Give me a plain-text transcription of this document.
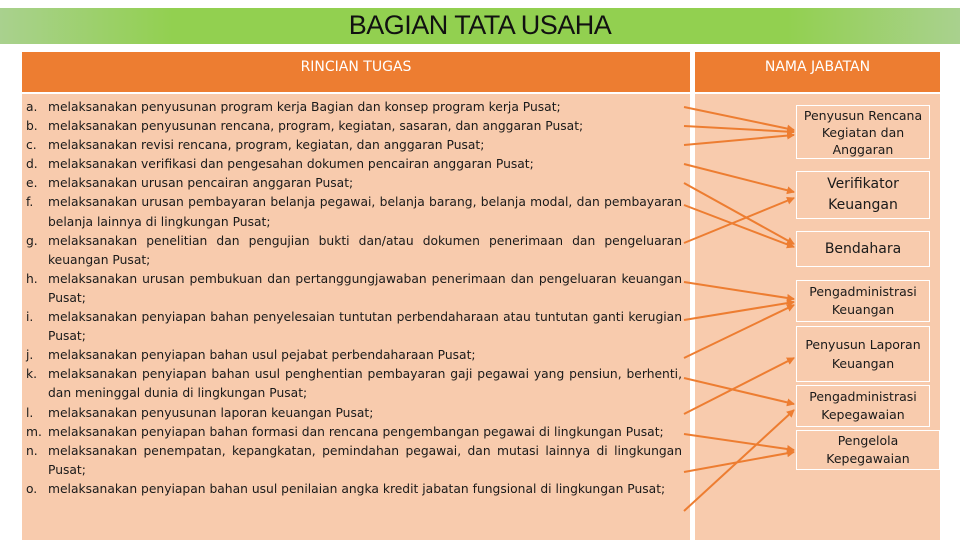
BAGIAN TATA USAHA
RINCIAN TUGAS	NAMA JABATAN
a. melaksanakan penyusunan program kerja Bagian dan konsep program kerja Pusat;
b. melaksanakan penyusunan rencana, program, kegiatan, sasaran, dan anggaran Pusat;
c. melaksanakan revisi rencana, program, kegiatan, dan anggaran Pusat;
d. melaksanakan verifikasi dan pengesahan dokumen pencairan anggaran Pusat;
e. melaksanakan urusan pencairan anggaran Pusat;
f. melaksanakan urusan pembayaran belanja pegawai, belanja barang, belanja modal, dan pembayaran belanja lainnya di lingkungan Pusat;
g. melaksanakan penelitian dan pengujian bukti dan/atau dokumen penerimaan dan pengeluaran keuangan Pusat;
h. melaksanakan urusan pembukuan dan pertanggungjawaban penerimaan dan pengeluaran keuangan Pusat;
i. melaksanakan penyiapan bahan penyelesaian tuntutan perbendaharaan atau tuntutan ganti kerugian Pusat;
j. melaksanakan penyiapan bahan usul pejabat perbendaharaan Pusat;
k. melaksanakan penyiapan bahan usul penghentian pembayaran gaji pegawai yang pensiun, berhenti, dan meninggal dunia di lingkungan Pusat;
l. melaksanakan penyusunan laporan keuangan Pusat;
m. melaksanakan penyiapan bahan formasi dan rencana pengembangan pegawai di lingkungan Pusat;
n. melaksanakan penempatan, kepangkatan, pemindahan pegawai, dan mutasi lainnya di lingkungan Pusat;
o. melaksanakan penyiapan bahan usul penilaian angka kredit jabatan fungsional di lingkungan Pusat;
Penyusun Rencana Kegiatan dan Anggaran
Verifikator Keuangan
Bendahara
Pengadministrasi Keuangan
Penyusun Laporan Keuangan
Pengadministrasi Kepegawaian
Pengelola Kepegawaian
